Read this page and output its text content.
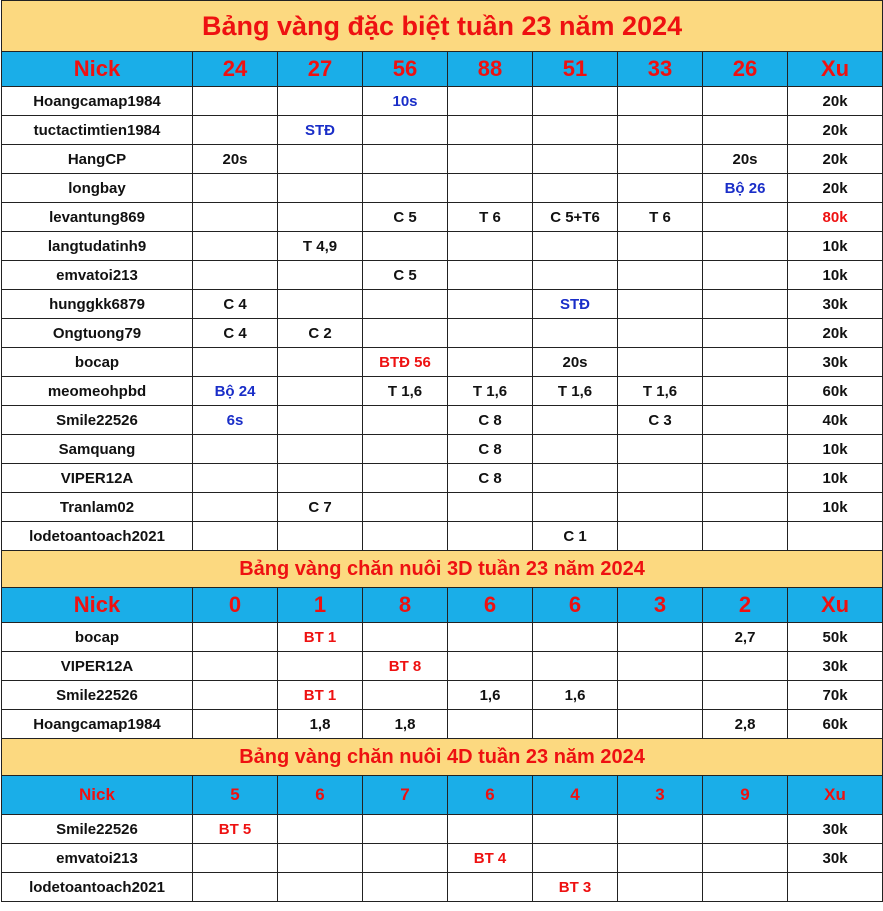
Bảng vàng đặc biệt tuần 23 năm 2024								
Nick	24	27	56	88	51	33	26	Xu
Hoangcamap1984			10s					20k
tuctactimtien1984		STĐ						20k
HangCP	20s						20s	20k
longbay							Bộ 26	20k
levantung869			C 5	T 6	C 5+T6	T 6		80k
langtudatinh9		T 4,9						10k
emvatoi213			C 5					10k
hunggkk6879	C 4				STĐ			30k
Ongtuong79	C 4	C 2						20k
bocap			BTĐ 56		20s			30k
meomeohpbd	Bộ 24		T 1,6	T 1,6	T 1,6	T 1,6		60k
Smile22526	6s			C 8		C 3		40k
Samquang				C 8				10k
VIPER12A				C 8				10k
Tranlam02		C 7						10k
lodetoantoach2021					C 1			
Bảng vàng chăn nuôi 3D tuần 23 năm 2024								
Nick	0	1	8	6	6	3	2	Xu
bocap		BT 1					2,7	50k
VIPER12A			BT 8					30k
Smile22526		BT 1		1,6	1,6			70k
Hoangcamap1984		1,8	1,8				2,8	60k
Bảng vàng chăn nuôi 4D tuần 23 năm 2024								
Nick	5	6	7	6	4	3	9	Xu
Smile22526	BT 5							30k
emvatoi213				BT 4				30k
lodetoantoach2021					BT 3			
